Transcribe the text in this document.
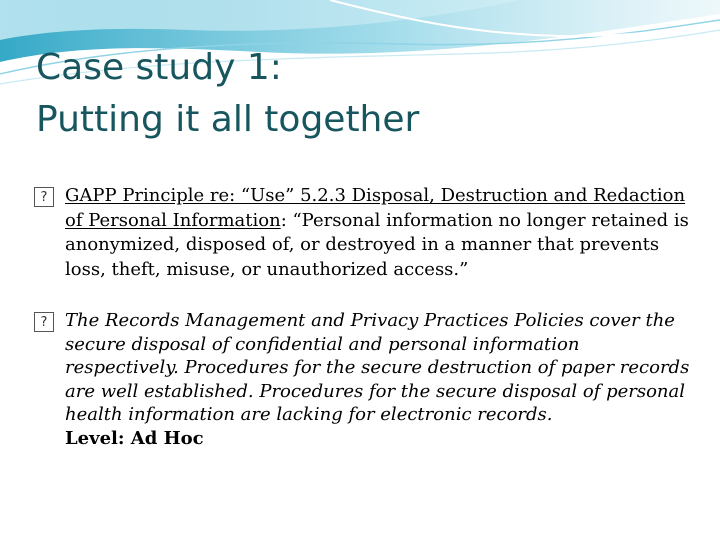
Case study 1:
Putting it all together
? GAPP Principle re: “Use” 5.2.3 Disposal, Destruction and Redaction of Personal Information: “Personal information no longer retained is anonymized, disposed of, or destroyed in a manner that prevents loss, theft, misuse, or unauthorized access.”
? The Records Management and Privacy Practices Policies cover the secure disposal of confidential and personal information respectively. Procedures for the secure destruction of paper records are well established. Procedures for the secure disposal of personal health information are lacking for electronic records.
Level: Ad Hoc
